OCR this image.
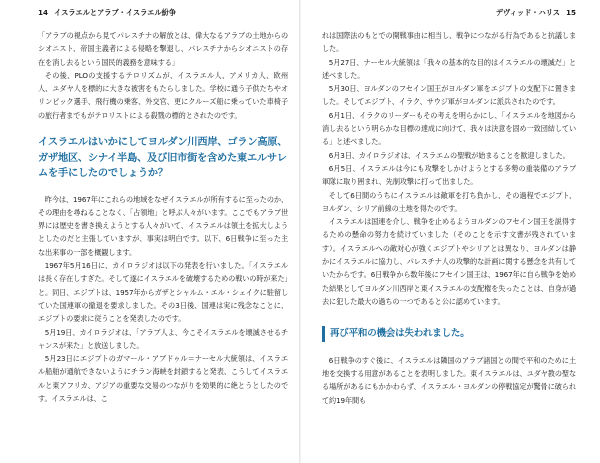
14 イスラエルとアラブ・イスラエル紛争

「アラブの視点から見てパレスチナの解放とは、偉大なるアラブの土地からのシオニスト、帝国主義者による侵略を撃退し、パレスチナからシオニストの存在を消し去るという国民的義務を意味する」

その後、PLOの支援するテロリズムが、イスラエル人、アメリカ人、欧州人、ユダヤ人を標的に大きな被害をもたらしました。学校に通う子供たちやオリンピック選手、飛行機の乗客、外交官、更にクルーズ船に乗っていた車椅子の旅行者までもがテロリストによる殺戮の標的とされたのです。

イスラエルはいかにしてヨルダン川西岸、ゴラン高原、ガザ地区、シナイ半島、及び旧市街を含めた東エルサレムを手にしたのでしょうか？

昨今は、1967年にこれらの地域をなぜイスラエルが所有するに至ったのか、その理由を尋ねることなく、「占領地」と呼ぶ人々がいます。ここでもアラブ世界には歴史を書き換えようとする人々がいて、イスラエルは領土を拡大しようとしたのだと主張していますが、事実は明白です。以下、6日戦争に至った主な出来事の一部を概観します。

1967年5月16日に、カイロラジオは以下の発表を行いました。「イスラエルは長く存在しすぎた。そして遂にイスラエルを破壊するための戦いの時が来た」と。同日、エジプトは、1957年からガザとシャルム・エル・シェイクに駐留していた国連軍の撤退を要求しました。その3日後、国連は実に残念なことに、エジプトの要求に従うことを発表したのです。

5月19日、カイロラジオは、「アラブ人よ、今こそイスラエルを壊滅させるチャンスが来た」と放送しました。

5月23日にエジプトのガマール・アブドゥル＝ナーセル大統領は、イスラエル船舶が通航できないようにチラン海峡を封鎖すると発表、こうしてイスラエルと東アフリカ、アジアの重要な交易のつながりを効果的に絶とうとしたのです。イスラエルは、こ

デヴィッド・ハリス 15

れは国際法のもとでの開戦事由に相当し、戦争につながる行為であると抗議しました。

5月27日、ナーセル大統領は「我々の基本的な目的はイスラエルの壊滅だ」と述べました。

5月30日、ヨルダンのフセイン国王がヨルダン軍をエジプトの支配下に置きました。そしてエジプト、イラク、サウジ軍がヨルダンに派兵されたのです。

6月1日、イラクのリーダーもその考えを明らかにし、「イスラエルを地図から消し去るという明らかな目標の達成に向けて、我々は決意を固め一致団結している」と述べました。

6月3日、カイロラジオは、イスラエムの聖戦が始まることを歓迎しました。

6月5日、イスラエルは今にも攻撃をしかけようとする多勢の重装備のアラブ軍隊に取り囲まれ、先制攻撃に打って出ました。

そして6日間のうちにイスラエルは敵軍を打ち負かし、その過程でエジプト、ヨルダン、シリア前線の土地を得たのです。

イスラエルは国連を介し、戦争を止めるようヨルダンのフセイン国王を説得するための懸命の努力を続けていました（そのことを示す文書が残されています）。イスラエルへの敵対心が強くエジプトやシリアとは異なり、ヨルダンは静かにイスラエルに協力し、パレスチナ人の攻撃的な計画に関する懸念を共有していたからです。6日戦争から数年後にフセイン国王は、1967年に自ら戦争を始めた結果としてヨルダン川西岸と東イスラエルの支配権を失ったことは、自身が過去に犯した最大の過ちの一つであると公に認めています。

再び平和の機会は失われました。

6日戦争のすぐ後に、イスラエルは隣国のアラブ諸国との間で平和のために土地を交換する用意があることを表明しました。東イスラエルは、ユダヤ教の聖なる場所があるにもかかわらず、イスラエル・ヨルダンの停戦協定が驚骨に破られて約19年間も
